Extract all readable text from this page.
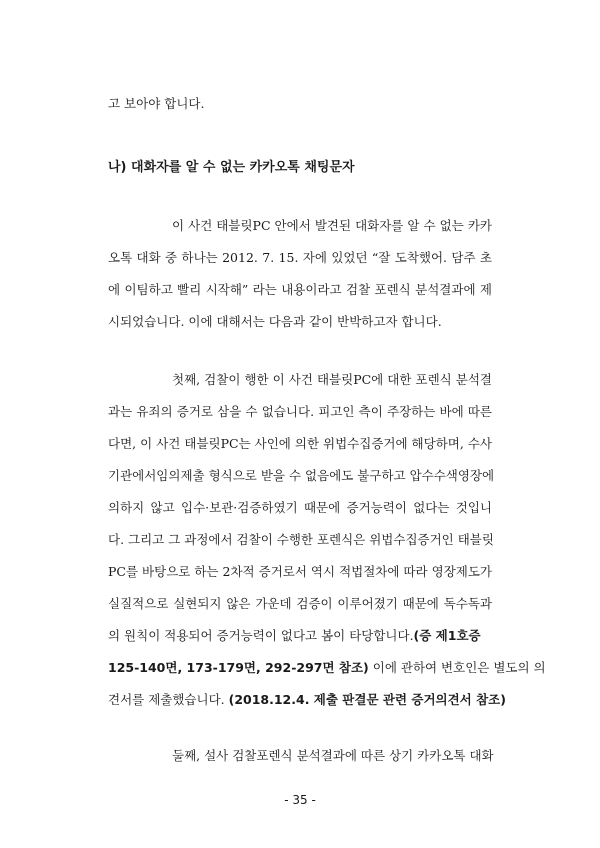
고 보아야 합니다.
나) 대화자를 알 수 없는 카카오톡 채팅문자
이 사건 태블릿PC 안에서 발견된 대화자를 알 수 없는 카카
오톡 대화 중 하나는 2012. 7. 15. 자에 있었던 “잘 도착했어. 담주 초
에 이팀하고 빨리 시작해” 라는 내용이라고 검찰 포렌식 분석결과에 제
시되었습니다. 이에 대해서는 다음과 같이 반박하고자 합니다.
첫째, 검찰이 행한 이 사건 태블릿PC에 대한 포렌식 분석결
과는 유죄의 증거로 삼을 수 없습니다. 피고인 측이 주장하는 바에 따른
다면, 이 사건 태블릿PC는 사인에 의한 위법수집증거에 해당하며, 수사
기관에서임의제출 형식으로 받을 수 없음에도 불구하고 압수수색영장에
의하지 않고 입수·보관·검증하였기 때문에 증거능력이 없다는 것입니
다. 그리고 그 과정에서 검찰이 수행한 포렌식은 위법수집증거인 태블릿
PC를 바탕으로 하는 2차적 증거로서 역시 적법절차에 따라 영장제도가
실질적으로 실현되지 않은 가운데 검증이 이루어졌기 때문에 독수독과
의 원칙이 적용되어 증거능력이 없다고 봄이 타당합니다.(증 제1호증
125-140면, 173-179면, 292-297면 참조) 이에 관하여 변호인은 별도의 의
견서를 제출했습니다. (2018.12.4. 제출 판결문 관련 증거의견서 참조)
둘째, 설사 검찰포렌식 분석결과에 따른 상기 카카오톡 대화
- 35 -
